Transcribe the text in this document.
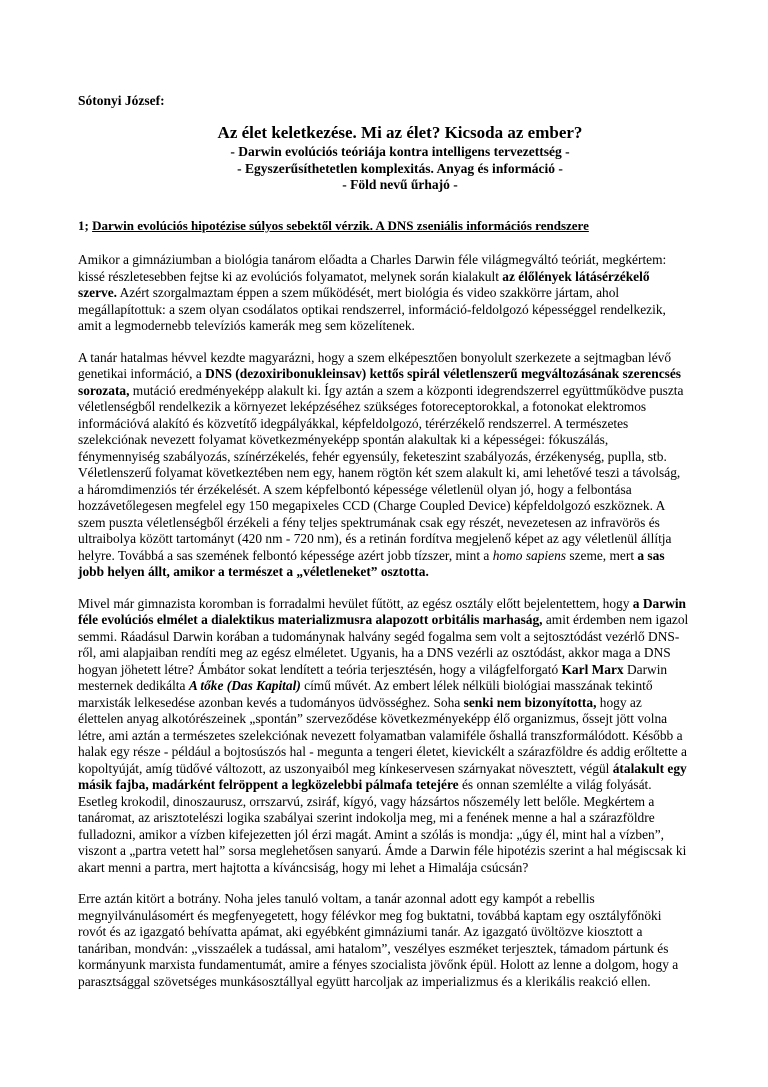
Sótonyi József:
Az élet keletkezése. Mi az élet? Kicsoda az ember?
- Darwin evolúciós teóriája kontra intelligens tervezettség -
- Egyszerűsíthetetlen komplexitás. Anyag és információ -
- Föld nevű űrhajó -
1; Darwin evolúciós hipotézise súlyos sebektől vérzik. A DNS zseniális információs rendszere

Amikor a gimnáziumban a biológia tanárom előadta a Charles Darwin féle világmegváltó teóriát, megkértem:
kissé részletesebben fejtse ki az evolúciós folyamatot, melynek során kialakult az élőlények látásérzékelő
szerve. Azért szorgalmaztam éppen a szem működését, mert biológia és video szakkörre jártam, ahol
megállapítottuk: a szem olyan csodálatos optikai rendszerrel, információ-feldolgozó képességgel rendelkezik,
amit a legmodernebb televíziós kamerák meg sem közelítenek.

A tanár hatalmas hévvel kezdte magyarázni, hogy a szem elképesztően bonyolult szerkezete a sejtmagban lévő
genetikai információ, a DNS (dezoxiribonukleinsav) kettős spirál véletlenszerű megváltozásának szerencsés
sorozata, mutáció eredményeképp alakult ki. Így aztán a szem a központi idegrendszerrel együttműködve puszta
véletlenségből rendelkezik a környezet leképzéséhez szükséges fotoreceptorokkal, a fotonokat elektromos
információvá alakító és közvetítő idegpályákkal, képfeldolgozó, térérzékelő rendszerrel. A természetes
szelekciónak nevezett folyamat következményeképp spontán alakultak ki a képességei: fókuszálás,
fénymennyiség szabályozás, színérzékelés, fehér egyensúly, feketeszint szabályozás, érzékenység, puplla, stb.
Véletlenszerű folyamat következtében nem egy, hanem rögtön két szem alakult ki, ami lehetővé teszi a távolság,
a háromdimenziós tér érzékelését. A szem képfelbontó képessége véletlenül olyan jó, hogy a felbontása
hozzávetőlegesen megfelel egy 150 megapixeles CCD (Charge Coupled Device) képfeldolgozó eszköznek. A
szem puszta véletlenségből érzékeli a fény teljes spektrumának csak egy részét, nevezetesen az infravörös és
ultraibolya között tartományt (420 nm - 720 nm), és a retinán fordítva megjelenő képet az agy véletlenül állítja
helyre. Továbbá a sas szemének felbontó képessége azért jobb tízszer, mint a homo sapiens szeme, mert a sas
jobb helyen állt, amikor a természet a „véletleneket” osztotta.

Mivel már gimnazista koromban is forradalmi hevület fűtött, az egész osztály előtt bejelentettem, hogy a Darwin
féle evolúciós elmélet a dialektikus materializmusra alapozott orbitális marhaság, amit érdemben nem igazol
semmi. Ráadásul Darwin korában a tudománynak halvány segéd fogalma sem volt a sejtosztódást vezérlő DNS-
ről, ami alapjaiban rendíti meg az egész elméletet. Ugyanis, ha a DNS vezérli az osztódást, akkor maga a DNS
hogyan jöhetett létre? Ámbátor sokat lendített a teória terjesztésén, hogy a világfelforgató Karl Marx Darwin
mesternek dedikálta A tőke (Das Kapital) című művét. Az embert lélek nélküli biológiai masszának tekintő
marxisták lelkesedése azonban kevés a tudományos üdvösséghez. Soha senki nem bizonyította, hogy az
élettelen anyag alkotórészeinek „spontán” szerveződése következményeképp élő organizmus, őssejt jött volna
létre, ami aztán a természetes szelekciónak nevezett folyamatban valamiféle őshallá transzformálódott. Később a
halak egy része - például a bojtosúszós hal - megunta a tengeri életet, kievickélt a szárazföldre és addig erőltette a
kopoltyúját, amíg tüdővé változott, az uszonyaiból meg kínkeservesen szárnyakat növesztett, végül átalakult egy
másik fajba, madárként felröppent a legközelebbi pálmafa tetejére és onnan szemlélte a világ folyását.
Esetleg krokodil, dinoszaurusz, orrszarvú, zsiráf, kígyó, vagy házsártos nőszemély lett belőle. Megkértem a
tanáromat, az arisztotelészi logika szabályai szerint indokolja meg, mi a fenének menne a hal a szárazföldre
fulladozni, amikor a vízben kifejezetten jól érzi magát. Amint a szólás is mondja: „úgy él, mint hal a vízben”,
viszont a „partra vetett hal” sorsa meglehetősen sanyarú. Ámde a Darwin féle hipotézis szerint a hal mégiscsak ki
akart menni a partra, mert hajtotta a kíváncsiság, hogy mi lehet a Himalája csúcsán?

Erre aztán kitört a botrány. Noha jeles tanuló voltam, a tanár azonnal adott egy kampót a rebellis
megnyilvánulásomért és megfenyegetett, hogy félévkor meg fog buktatni, továbbá kaptam egy osztályfőnöki
rovót és az igazgató behívatta apámat, aki egyébként gimnáziumi tanár. Az igazgató üvöltözve kiosztott a
tanáriban, mondván: „visszaélek a tudással, ami hatalom”, veszélyes eszméket terjesztek, támadom pártunk és
kormányunk marxista fundamentumát, amire a fényes szocialista jövőnk épül. Holott az lenne a dolgom, hogy a
parasztsággal szövetséges munkásosztállyal együtt harcoljak az imperializmus és a klerikális reakció ellen.
